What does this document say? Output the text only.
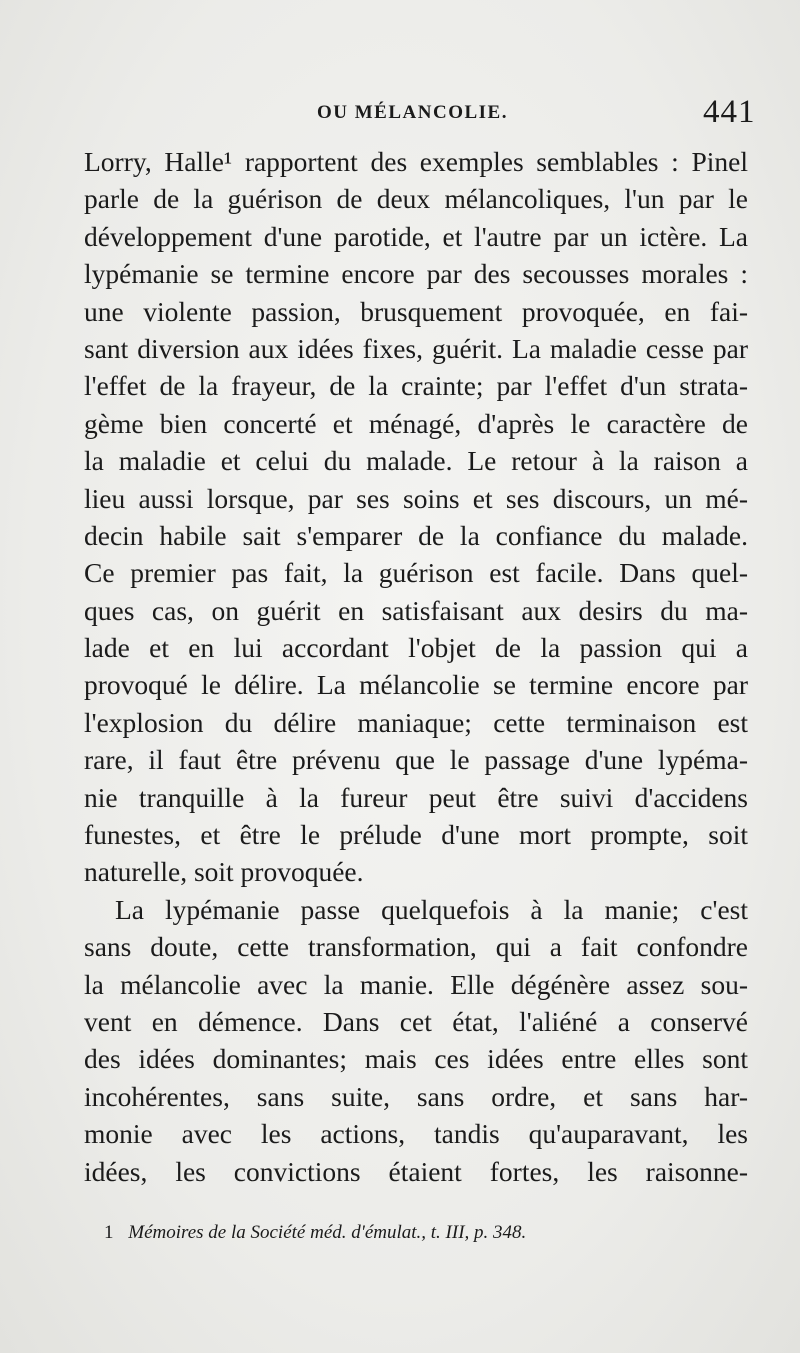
OU MÉLANCOLIE.	441
Lorry, Halle¹ rapportent des exemples semblables : Pinel
parle de la guérison de deux mélancoliques, l'un par le
développement d'une parotide, et l'autre par un ictère. La
lypémanie se termine encore par des secousses morales :
une violente passion, brusquement provoquée, en fai-
sant diversion aux idées fixes, guérit. La maladie cesse par
l'effet de la frayeur, de la crainte; par l'effet d'un strata-
gème bien concerté et ménagé, d'après le caractère de
la maladie et celui du malade. Le retour à la raison a
lieu aussi lorsque, par ses soins et ses discours, un mé-
decin habile sait s'emparer de la confiance du malade.
Ce premier pas fait, la guérison est facile. Dans quel-
ques cas, on guérit en satisfaisant aux desirs du ma-
lade et en lui accordant l'objet de la passion qui a
provoqué le délire. La mélancolie se termine encore par
l'explosion du délire maniaque; cette terminaison est
rare, il faut être prévenu que le passage d'une lypéma-
nie tranquille à la fureur peut être suivi d'accidens
funestes, et être le prélude d'une mort prompte, soit
naturelle, soit provoquée.
La lypémanie passe quelquefois à la manie; c'est
sans doute, cette transformation, qui a fait confondre
la mélancolie avec la manie. Elle dégénère assez sou-
vent en démence. Dans cet état, l'aliéné a conservé
des idées dominantes; mais ces idées entre elles sont
incohérentes, sans suite, sans ordre, et sans har-
monie avec les actions, tandis qu'auparavant, les
idées, les convictions étaient fortes, les raisonne-
1 Mémoires de la Société méd. d'émulat., t. III, p. 348.
